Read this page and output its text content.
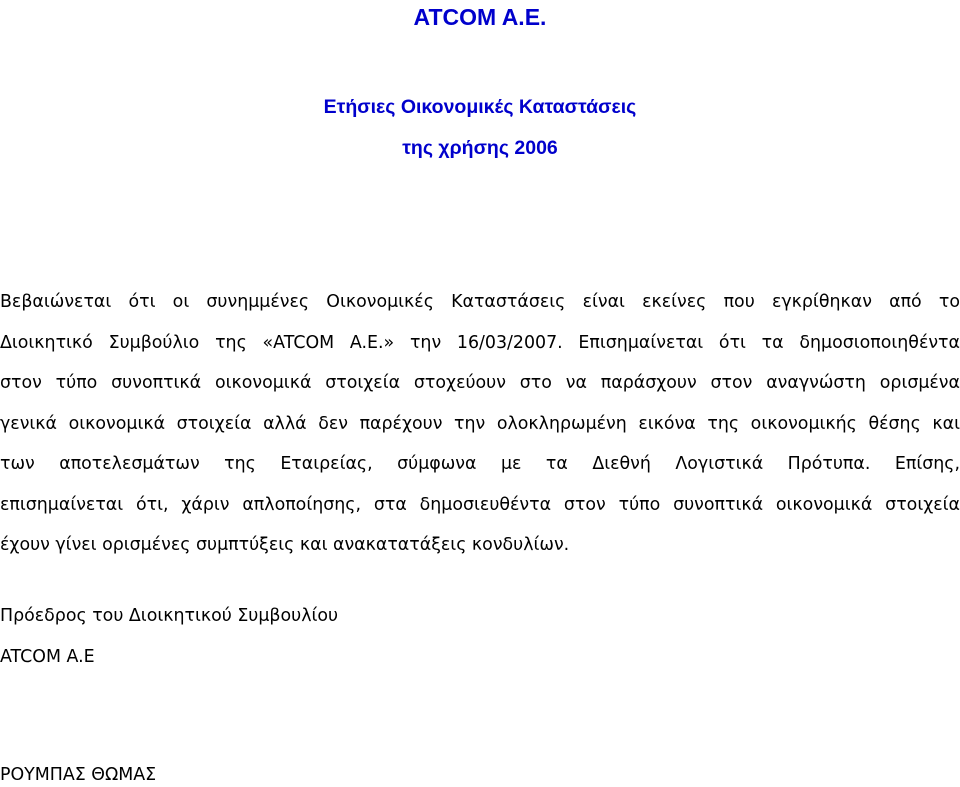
ATCOM A.E.
Ετήσιες Οικονομικές Καταστάσεις
της χρήσης 2006
Βεβαιώνεται ότι οι συνημμένες Οικονομικές Καταστάσεις είναι εκείνες που εγκρίθηκαν από το
Διοικητικό Συμβούλιο της «ATCOM A.E.» την 16/03/2007. Επισημαίνεται ότι τα δημοσιοποιηθέντα
στον τύπο συνοπτικά οικονομικά στοιχεία στοχεύουν στο να παράσχουν στον αναγνώστη ορισμένα
γενικά οικονομικά στοιχεία αλλά δεν παρέχουν την ολοκληρωμένη εικόνα της οικονομικής θέσης και
των αποτελεσμάτων της Εταιρείας, σύμφωνα με τα Διεθνή Λογιστικά Πρότυπα. Επίσης,
επισημαίνεται ότι, χάριν απλοποίησης, στα δημοσιευθέντα στον τύπο συνοπτικά οικονομικά στοιχεία
έχουν γίνει ορισμένες συμπτύξεις και ανακατατάξεις κονδυλίων.
Πρόεδρος του Διοικητικού Συμβουλίου
ATCOM A.E
ΡΟΥΜΠΑΣ ΘΩΜΑΣ
